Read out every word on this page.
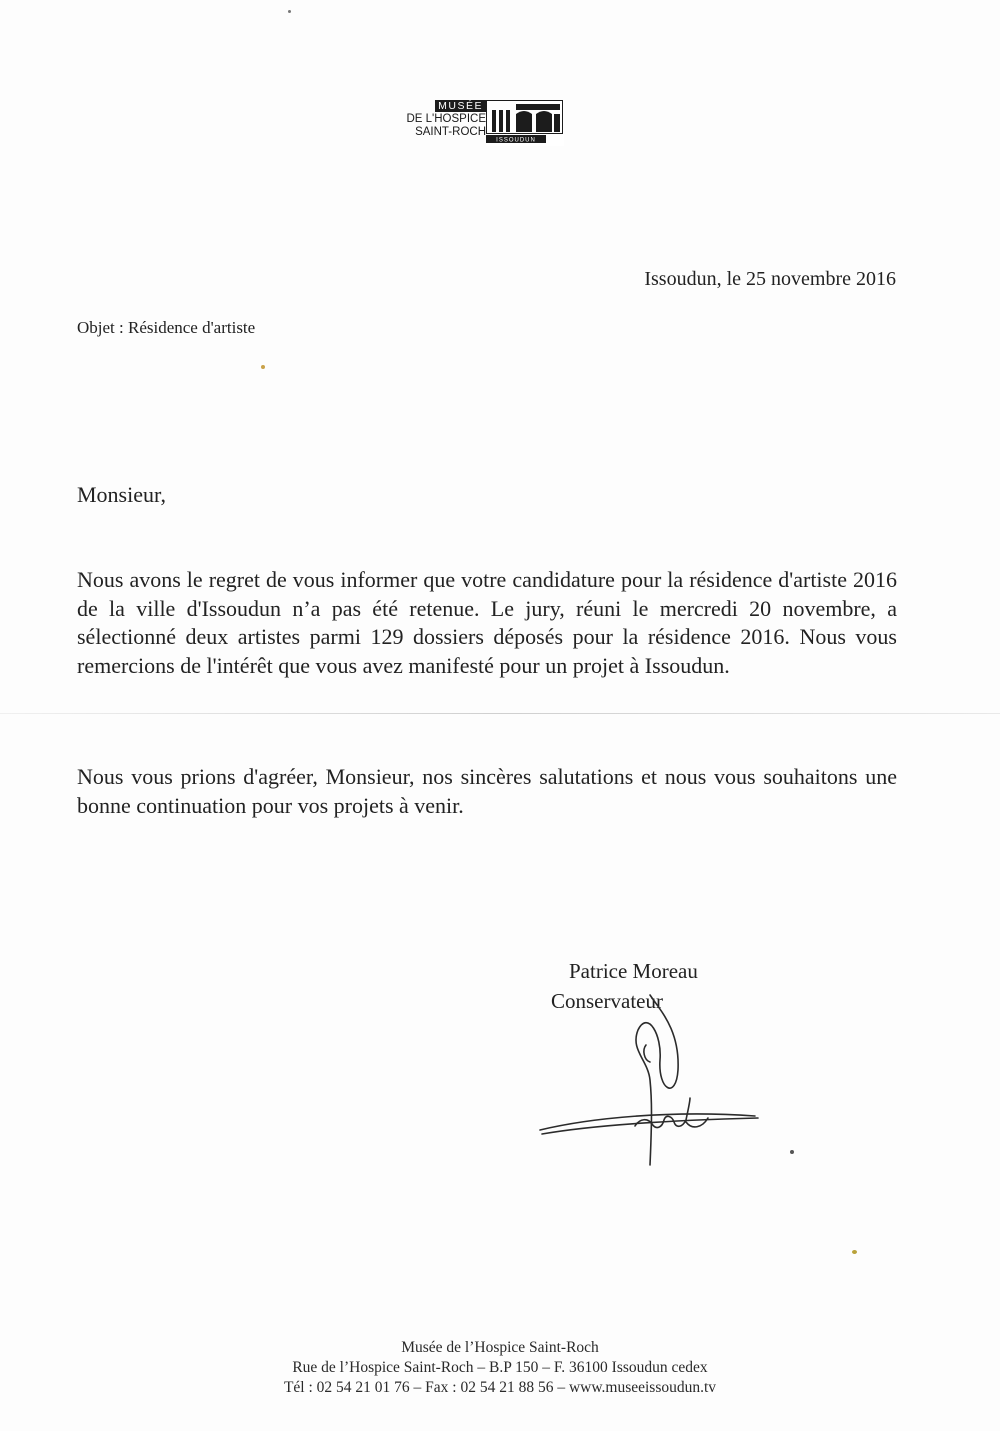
MUSÉE
DE L'HOSPICE
SAINT-ROCH
ISSOUDUN
Issoudun, le 25 novembre 2016
Objet : Résidence d'artiste
Monsieur,
Nous avons le regret de vous informer que votre candidature pour la résidence d'artiste 2016 de la ville d'Issoudun n’a pas été retenue. Le jury, réuni le mercredi 20 novembre, a sélectionné deux artistes parmi 129 dossiers déposés pour la résidence 2016. Nous vous remercions de l'intérêt que vous avez manifesté pour un projet à Issoudun.
Nous vous prions d'agréer, Monsieur, nos sincères salutations et nous vous souhaitons une bonne continuation pour vos projets à venir.
Patrice Moreau
Conservateur
Musée de l’Hospice Saint-Roch
Rue de l’Hospice Saint-Roch – B.P 150 – F. 36100 Issoudun cedex
Tél : 02 54 21 01 76 – Fax : 02 54 21 88 56 – www.museeissoudun.tv
